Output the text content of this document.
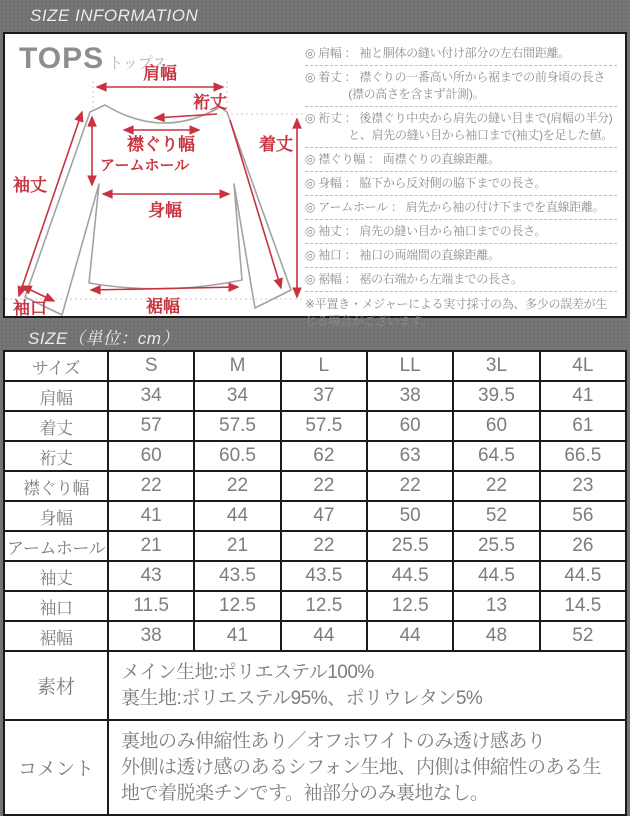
SIZE INFORMATION
TOPS トップス
肩幅
裄丈
襟ぐり幅
アームホール
着丈
袖丈
身幅
裾幅
袖口
◎ 肩幅 ： 袖と胴体の縫い付け部分の左右間距離。
◎ 着丈 ： 襟ぐりの一番高い所から裾までの前身頃の長さ(襟の高さを含まず計測)。
◎ 裄丈 ： 後襟ぐり中央から肩先の縫い目まで(肩幅の半分)と、肩先の縫い目から袖口まで(袖丈)を足した値。
◎ 襟ぐり幅 ： 両襟ぐりの直線距離。
◎ 身幅 ： 脇下から反対側の脇下までの長さ。
◎ アームホール ： 肩先から袖の付け下までを直線距離。
◎ 袖丈 ： 肩先の縫い目から袖口までの長さ。
◎ 袖口 ： 袖口の両端間の直線距離。
◎ 裾幅 ： 裾の右端から左端までの長さ。
※平置き・メジャーによる実寸採寸の為、多少の誤差が生じる場合がございます。
SIZE（単位：cm）
サイズ	S	M	L	LL	3L	4L
肩幅	34	34	37	38	39.5	41
着丈	57	57.5	57.5	60	60	61
裄丈	60	60.5	62	63	64.5	66.5
襟ぐり幅	22	22	22	22	22	23
身幅	41	44	47	50	52	56
アームホール	21	21	22	25.5	25.5	26
袖丈	43	43.5	43.5	44.5	44.5	44.5
袖口	11.5	12.5	12.5	12.5	13	14.5
裾幅	38	41	44	44	48	52
素材	メイン生地:ポリエステル100%
裏生地:ポリエステル95%、ポリウレタン5%					

コメント	裏地のみ伸縮性あり／オフホワイトのみ透け感あり
外側は透け感のあるシフォン生地、内側は伸縮性のある生地で着脱楽チンです。袖部分のみ裏地なし。					
